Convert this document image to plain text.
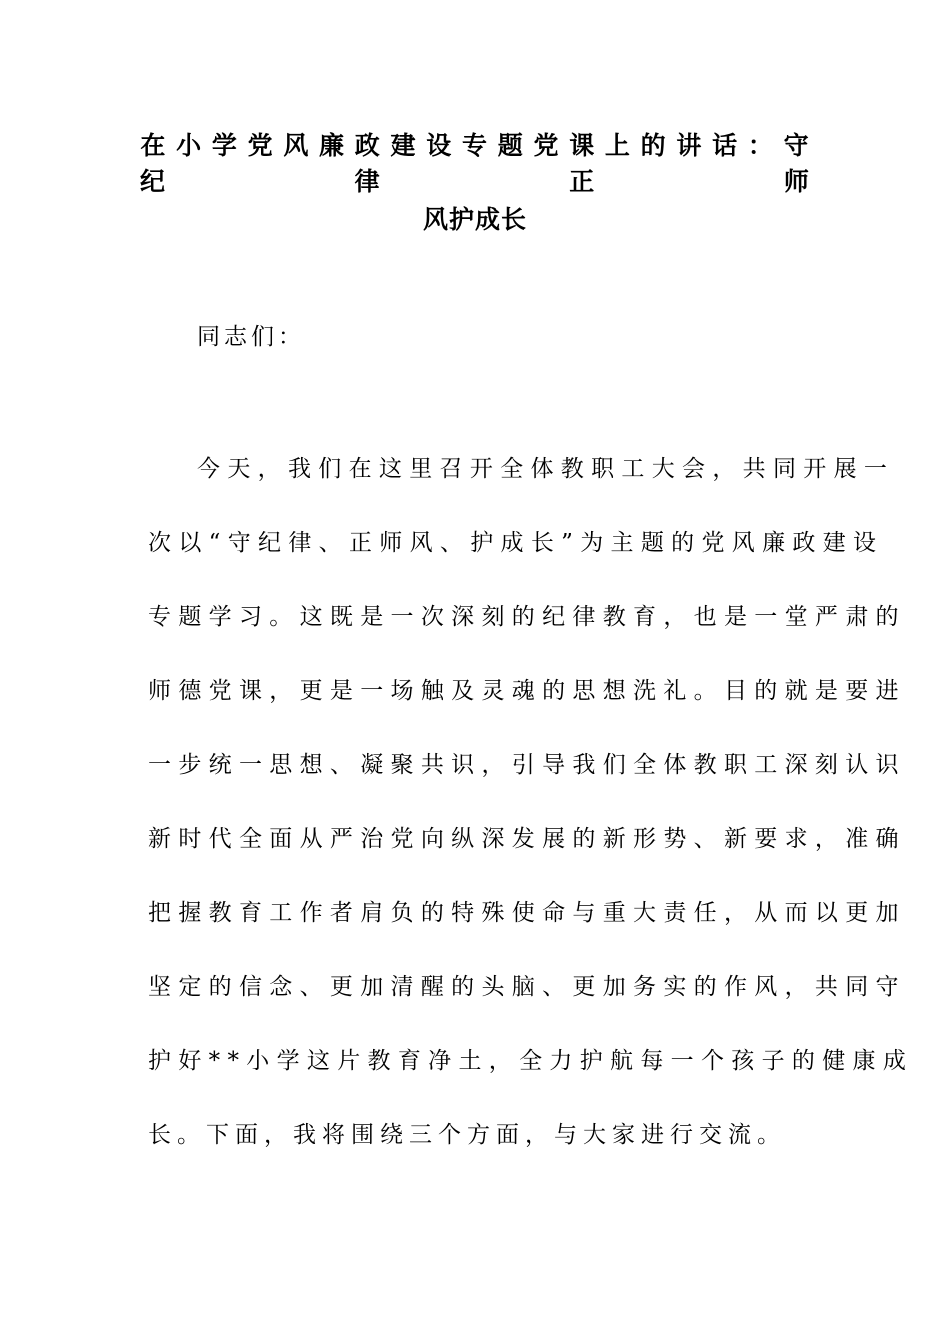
在 小 学 党 风 廉 政 建 设 专 题 党 课 上 的 讲 话 ： 守 纪	律	正	师
风护成长
同志们：
今 天 ， 我 们 在 这 里 召 开 全 体 教 职 工 大 会 ， 共 同 开 展 一
次 以 “ 守 纪 律 、 正 师 风 、 护 成 长 ” 为 主 题 的 党 风 廉 政 建 设
专 题 学 习 。 这 既 是 一 次 深 刻 的 纪 律 教 育 ， 也 是 一 堂 严 肃 的
师 德 党 课 ， 更 是 一 场 触 及 灵 魂 的 思 想 洗 礼 。 目 的 就 是 要 进
一 步 统 一 思 想 、 凝 聚 共 识 ， 引 导 我 们 全 体 教 职 工 深 刻 认 识
新 时 代 全 面 从 严 治 党 向 纵 深 发 展 的 新 形 势 、 新 要 求 ， 准 确
把 握 教 育 工 作 者 肩 负 的 特 殊 使 命 与 重 大 责 任 ， 从 而 以 更 加
坚 定 的 信 念 、 更 加 清 醒 的 头 脑 、 更 加 务 实 的 作 风 ， 共 同 守
护 好 * * 小 学 这 片 教 育 净 土 ， 全 力 护 航 每 一 个 孩 子 的 健 康 成
长。下面，我将围绕三个方面，与大家进行交流。
